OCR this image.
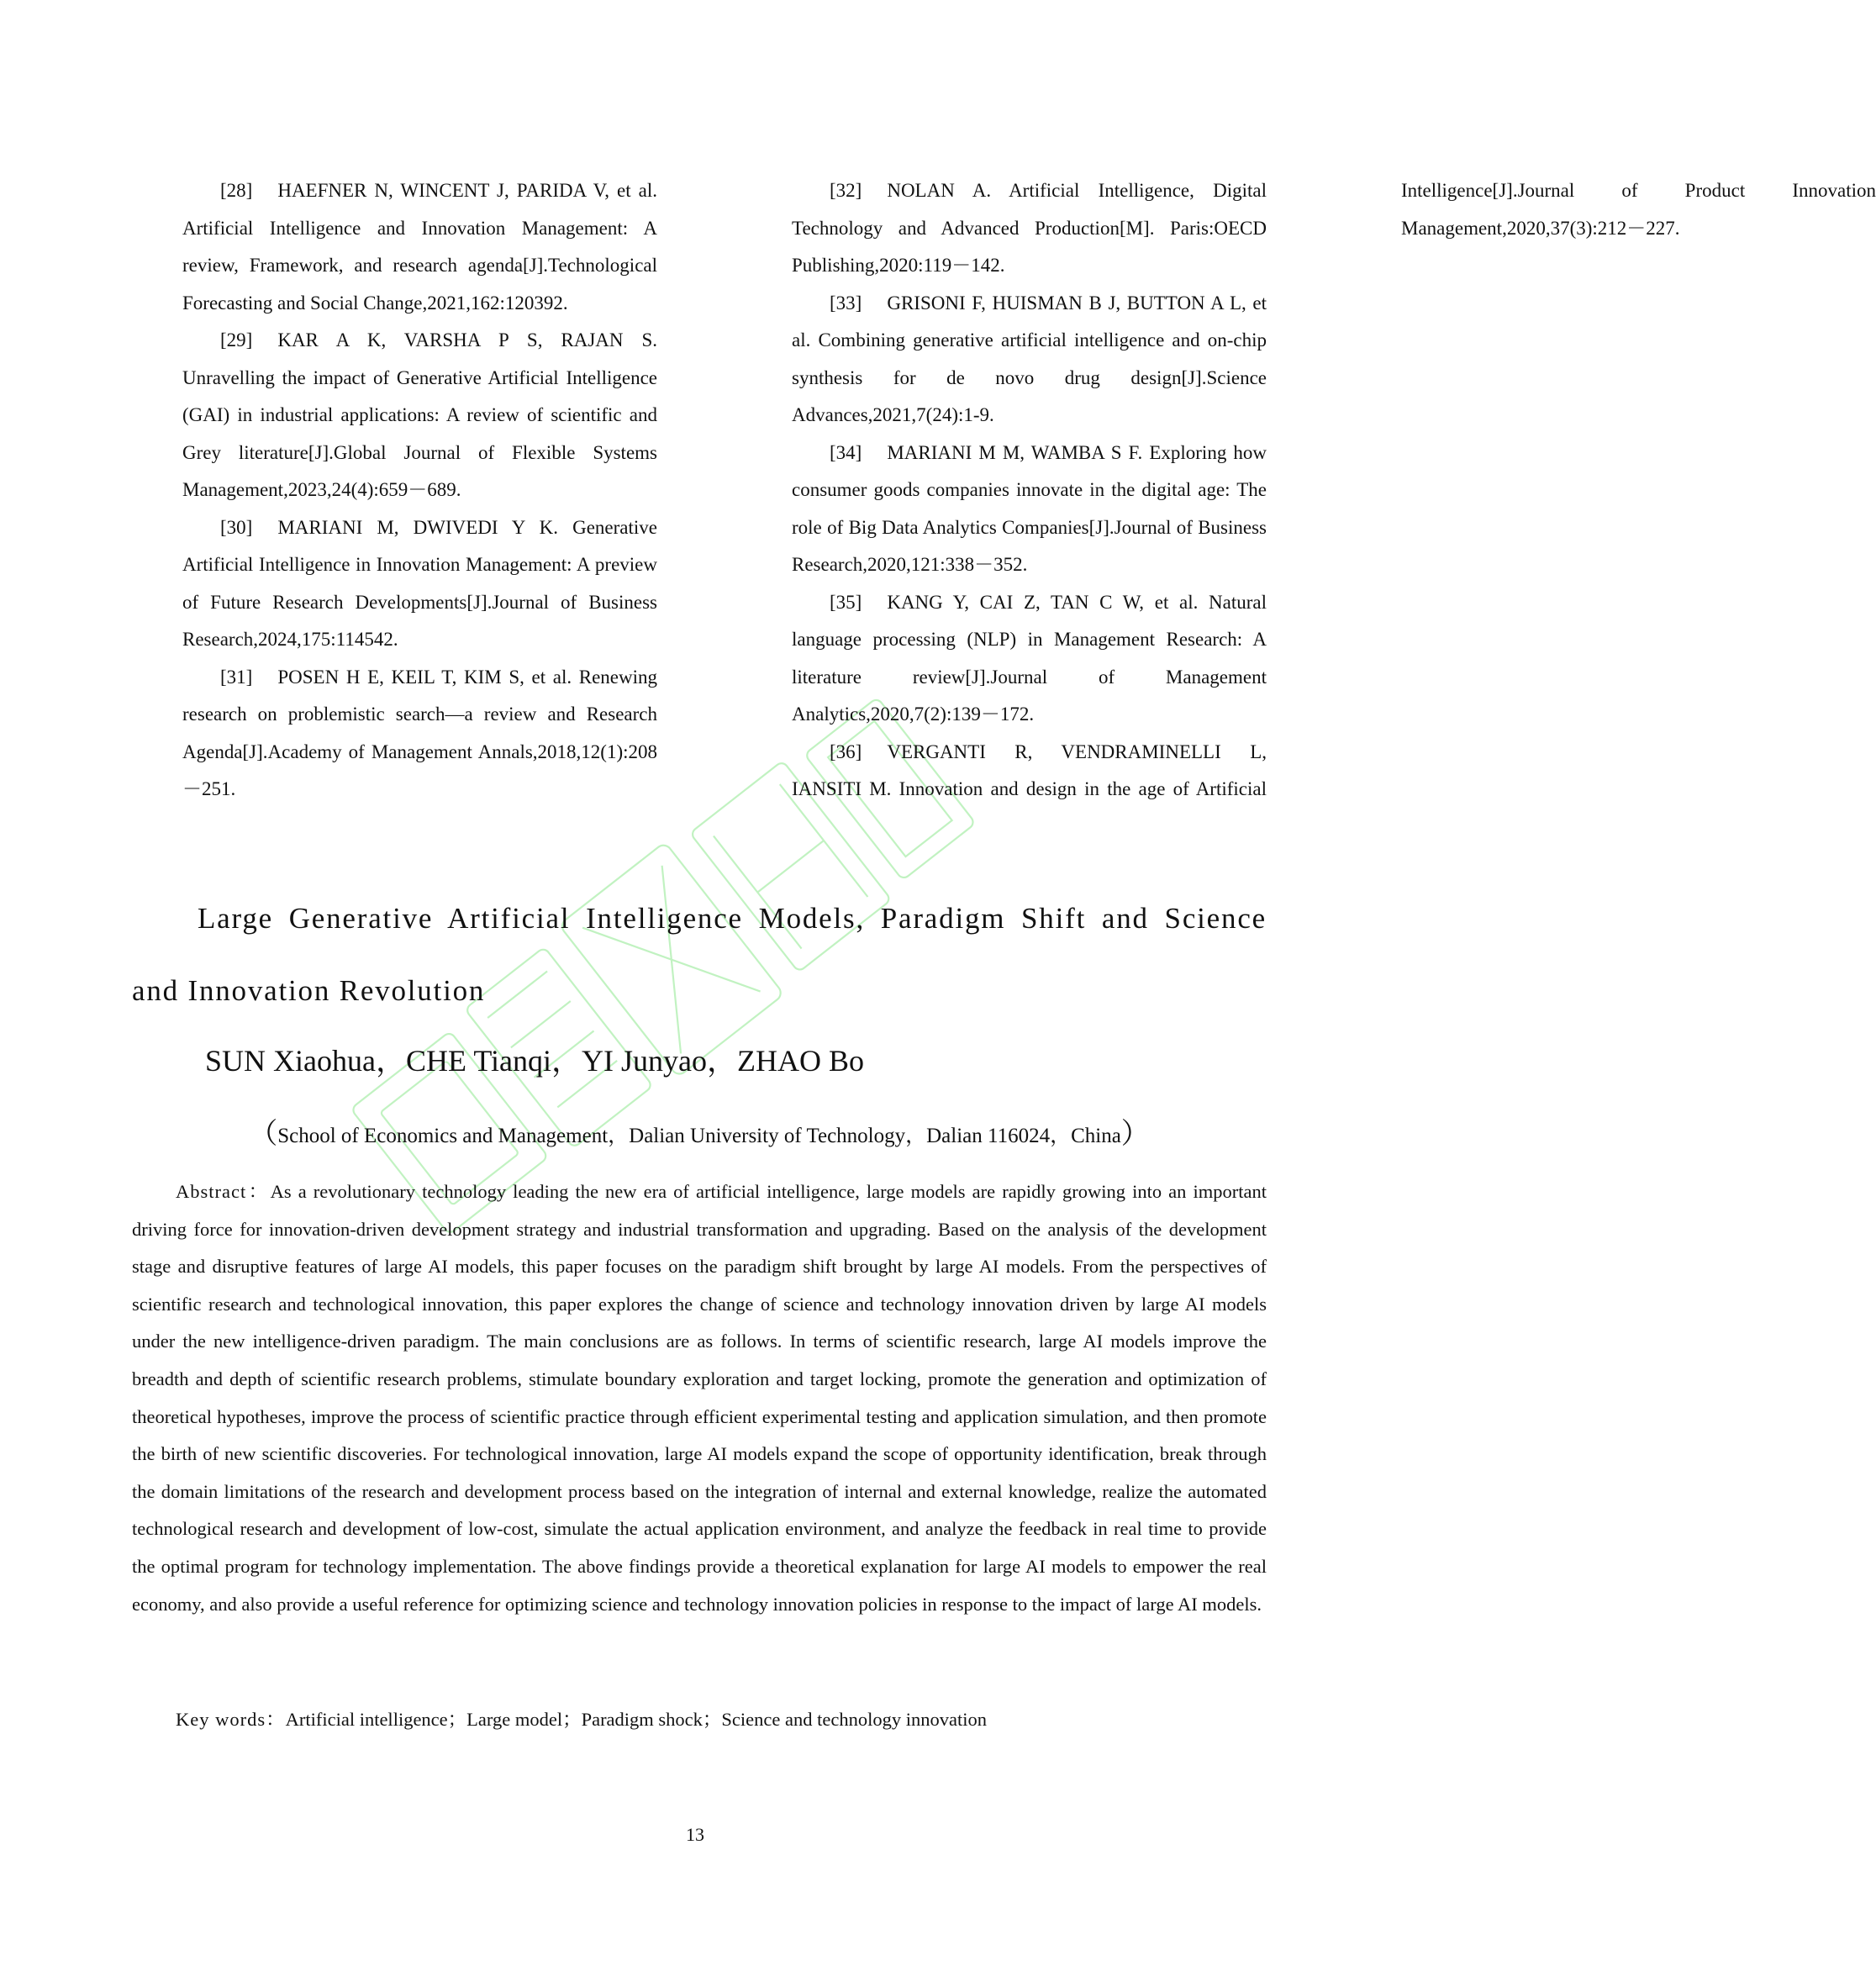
[28] HAEFNER N, WINCENT J, PARIDA V, et al. Artificial Intelligence and Innovation Management: A review, Framework, and research agenda[J].Technological Forecasting and Social Change,2021,162:120392.

[29] KAR A K, VARSHA P S, RAJAN S. Unravelling the impact of Generative Artificial Intelligence (GAI) in industrial applications: A review of scientific and Grey literature[J].Global Journal of Flexible Systems Management,2023,24(4):659－689.

[30] MARIANI M, DWIVEDI Y K. Generative Artificial Intelligence in Innovation Management: A preview of Future Research Developments[J].Journal of Business Research,2024,175:114542.

[31] POSEN H E, KEIL T, KIM S, et al. Renewing research on problemistic search—a review and Research Agenda[J].Academy of Management Annals,2018,12(1):208－251.

[32] NOLAN A. Artificial Intelligence, Digital Technology and Advanced Production[M]. Paris:OECD Publishing,2020:119－142.

[33] GRISONI F, HUISMAN B J, BUTTON A L, et al. Combining generative artificial intelligence and on-chip synthesis for de novo drug design[J].Science Advances,2021,7(24):1-9.

[34] MARIANI M M, WAMBA S F. Exploring how consumer goods companies innovate in the digital age: The role of Big Data Analytics Companies[J].Journal of Business Research,2020,121:338－352.

[35] KANG Y, CAI Z, TAN C W, et al. Natural language processing (NLP) in Management Research: A literature review[J].Journal of Management Analytics,2020,7(2):139－172.

[36] VERGANTI R, VENDRAMINELLI L, IANSITI M. Innovation and design in the age of Artificial Intelligence[J].Journal of Product Innovation Management,2020,37(3):212－227.

Large Generative Artificial Intelligence Models, Paradigm Shift and Science and Innovation Revolution

SUN Xiaohua，CHE Tianqi，YI Junyao，ZHAO Bo

（School of Economics and Management，Dalian University of Technology，Dalian 116024，China）

Abstract：As a revolutionary technology leading the new era of artificial intelligence, large models are rapidly growing into an important driving force for innovation-driven development strategy and industrial transformation and upgrading. Based on the analysis of the development stage and disruptive features of large AI models, this paper focuses on the paradigm shift brought by large AI models. From the perspectives of scientific research and technological innovation, this paper explores the change of science and technology innovation driven by large AI models under the new intelligence-driven paradigm. The main conclusions are as follows. In terms of scientific research, large AI models improve the breadth and depth of scientific research problems, stimulate boundary exploration and target locking, promote the generation and optimization of theoretical hypotheses, improve the process of scientific practice through efficient experimental testing and application simulation, and then promote the birth of new scientific discoveries. For technological innovation, large AI models expand the scope of opportunity identification, break through the domain limitations of the research and development process based on the integration of internal and external knowledge, realize the automated technological research and development of low-cost, simulate the actual application environment, and analyze the feedback in real time to provide the optimal program for technology implementation. The above findings provide a theoretical explanation for large AI models to empower the real economy, and also provide a useful reference for optimizing science and technology innovation policies in response to the impact of large AI models.

Key words：Artificial intelligence；Large model；Paradigm shock；Science and technology innovation

13
